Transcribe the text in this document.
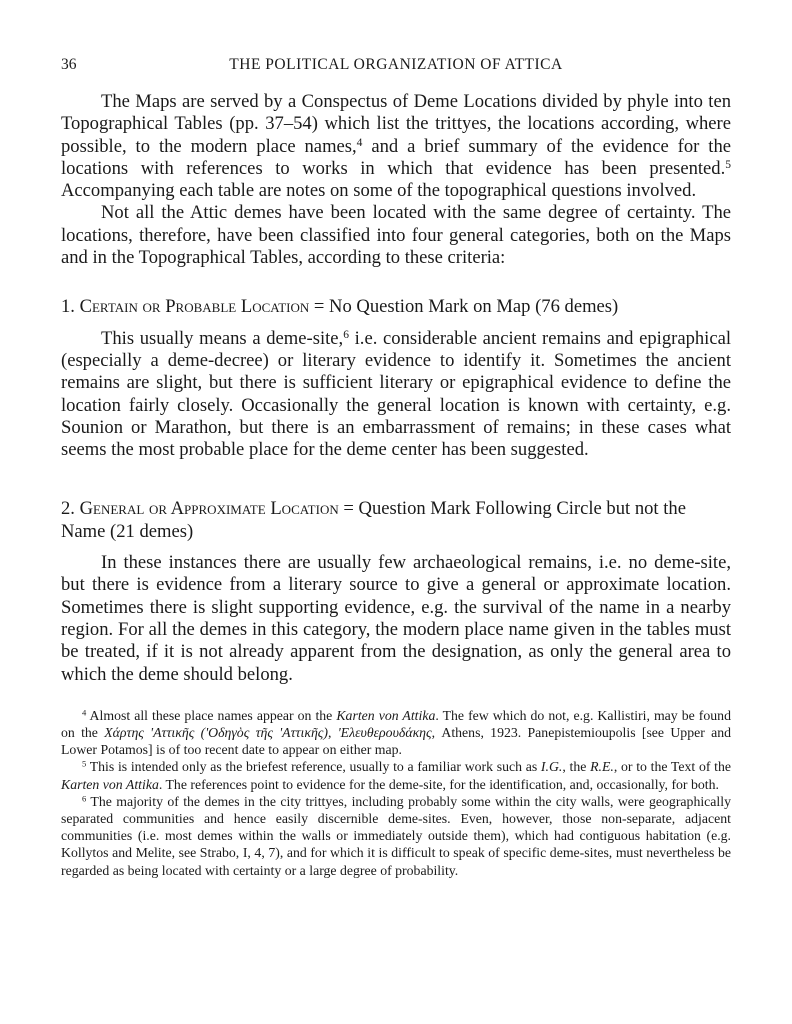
36	THE POLITICAL ORGANIZATION OF ATTICA

The Maps are served by a Conspectus of Deme Locations divided by phyle into ten Topographical Tables (pp. 37–54) which list the trittyes, the locations according, where possible, to the modern place names,$^4$ and a brief summary of the evidence for the locations with references to works in which that evidence has been presented.$^5$ Accompanying each table are notes on some of the topographical questions involved.

Not all the Attic demes have been located with the same degree of certainty. The locations, therefore, have been classified into four general categories, both on the Maps and in the Topographical Tables, according to these criteria:

1. Certain or Probable Location = No Question Mark on Map (76 demes)

This usually means a deme-site,$^6$ i.e. considerable ancient remains and epigraphical (especially a deme-decree) or literary evidence to identify it. Sometimes the ancient remains are slight, but there is sufficient literary or epigraphical evidence to define the location fairly closely. Occasionally the general location is known with certainty, e.g. Sounion or Marathon, but there is an embarrassment of remains; in these cases what seems the most probable place for the deme center has been suggested.

2. General or Approximate Location = Question Mark Following Circle but not the Name (21 demes)

In these instances there are usually few archaeological remains, i.e. no deme-site, but there is evidence from a literary source to give a general or approximate location. Sometimes there is slight supporting evidence, e.g. the survival of the name in a nearby region. For all the demes in this category, the modern place name given in the tables must be treated, if it is not already apparent from the designation, as only the general area to which the deme should belong.

$^4$ Almost all these place names appear on the Karten von Attika. The few which do not, e.g. Kallistiri, may be found on the Χάρτης 'Αττικῆς ('Οδηγὸς τῆς 'Αττικῆς), 'Ελευθερουδάκης, Athens, 1923. Panepistemioupolis [see Upper and Lower Potamos] is of too recent date to appear on either map.

$^5$ This is intended only as the briefest reference, usually to a familiar work such as I.G., the R.E., or to the Text of the Karten von Attika. The references point to evidence for the deme-site, for the identification, and, occasionally, for both.

$^6$ The majority of the demes in the city trittyes, including probably some within the city walls, were geographically separated communities and hence easily discernible deme-sites. Even, however, those non-separate, adjacent communities (i.e. most demes within the walls or immediately outside them), which had contiguous habitation (e.g. Kollytos and Melite, see Strabo, I, 4, 7), and for which it is difficult to speak of specific deme-sites, must nevertheless be regarded as being located with certainty or a large degree of probability.
